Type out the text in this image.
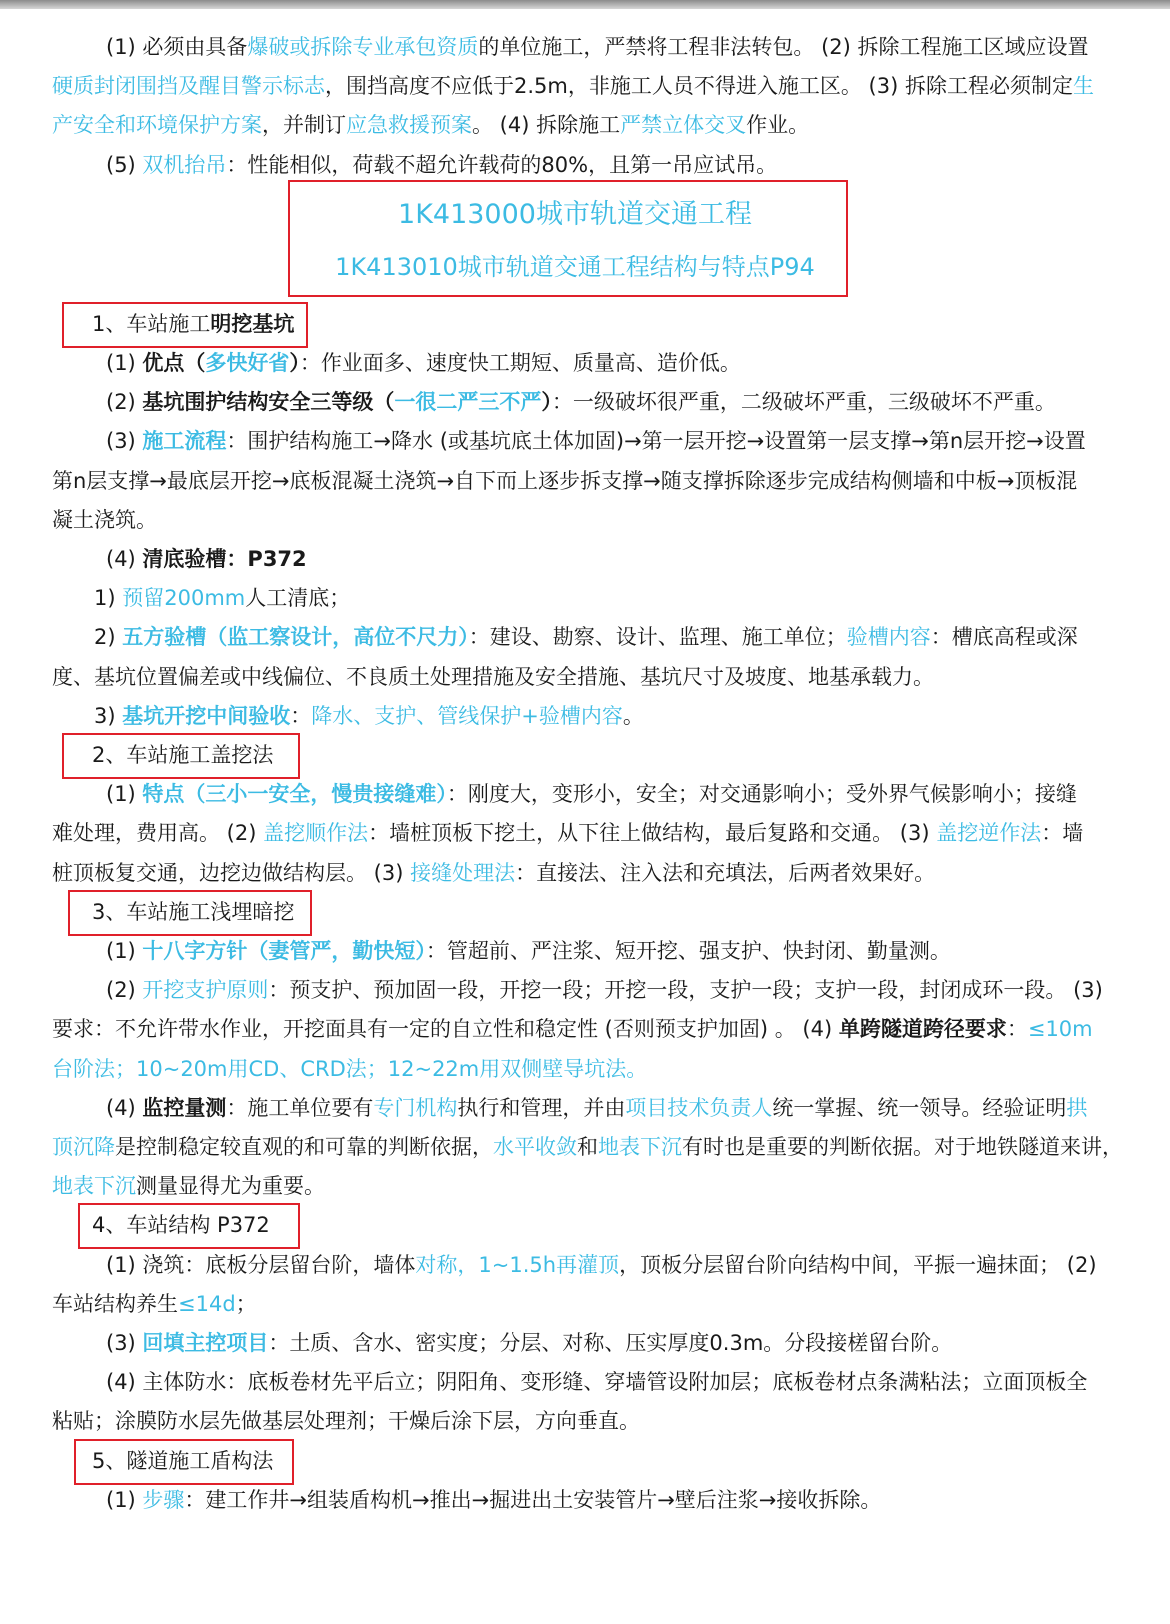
(1) 必须由具备爆破或拆除专业承包资质的单位施工，严禁将工程非法转包。 (2) 拆除工程施工区域应设置
硬质封闭围挡及醒目警示标志，围挡高度不应低于2.5m，非施工人员不得进入施工区。 (3) 拆除工程必须制定生
产安全和环境保护方案，并制订应急救援预案。 (4) 拆除施工严禁立体交叉作业。
(5) 双机抬吊：性能相似，荷载不超允许载荷的80%，且第一吊应试吊。
1K413000城市轨道交通工程
1K413010城市轨道交通工程结构与特点P94
1、车站施工明挖基坑
(1) 优点（多快好省）：作业面多、速度快工期短、质量高、造价低。
(2) 基坑围护结构安全三等级（一很二严三不严）：一级破坏很严重，二级破坏严重，三级破坏不严重。
(3) 施工流程：围护结构施工→降水 (或基坑底土体加固)→第一层开挖→设置第一层支撑→第n层开挖→设置
第n层支撑→最底层开挖→底板混凝土浇筑→自下而上逐步拆支撑→随支撑拆除逐步完成结构侧墙和中板→顶板混
凝土浇筑。
(4) 清底验槽：P372
1) 预留200mm人工清底；
2) 五方验槽（监工察设计，高位不尺力）：建设、勘察、设计、监理、施工单位；验槽内容：槽底高程或深
度、基坑位置偏差或中线偏位、不良质土处理措施及安全措施、基坑尺寸及坡度、地基承载力。
3) 基坑开挖中间验收：降水、支护、管线保护+验槽内容。
2、车站施工盖挖法
(1) 特点（三小一安全，慢贵接缝难）：刚度大，变形小，安全；对交通影响小；受外界气候影响小；接缝
难处理，费用高。 (2) 盖挖顺作法：墙桩顶板下挖土，从下往上做结构，最后复路和交通。 (3) 盖挖逆作法：墙
桩顶板复交通，边挖边做结构层。 (3) 接缝处理法：直接法、注入法和充填法，后两者效果好。
3、车站施工浅埋暗挖
(1) 十八字方针（妻管严，勤快短）：管超前、严注浆、短开挖、强支护、快封闭、勤量测。
(2) 开挖支护原则：预支护、预加固一段，开挖一段；开挖一段，支护一段；支护一段，封闭成环一段。 (3)
要求：不允许带水作业，开挖面具有一定的自立性和稳定性 (否则预支护加固) 。 (4) 单跨隧道跨径要求：≤10m
台阶法；10~20m用CD、CRD法；12~22m用双侧壁导坑法。
(4) 监控量测：施工单位要有专门机构执行和管理，并由项目技术负责人统一掌握、统一领导。经验证明拱
顶沉降是控制稳定较直观的和可靠的判断依据，水平收敛和地表下沉有时也是重要的判断依据。对于地铁隧道来讲，
地表下沉测量显得尤为重要。
4、车站结构 P372
(1) 浇筑：底板分层留台阶，墙体对称，1~1.5h再灌顶，顶板分层留台阶向结构中间，平振一遍抹面； (2)
车站结构养生≤14d；
(3) 回填主控项目：土质、含水、密实度；分层、对称、压实厚度0.3m。分段接槎留台阶。
(4) 主体防水：底板卷材先平后立；阴阳角、变形缝、穿墙管设附加层；底板卷材点条满粘法；立面顶板全
粘贴；涂膜防水层先做基层处理剂；干燥后涂下层，方向垂直。
5、隧道施工盾构法
(1) 步骤：建工作井→组装盾构机→推出→掘进出土安装管片→壁后注浆→接收拆除。
